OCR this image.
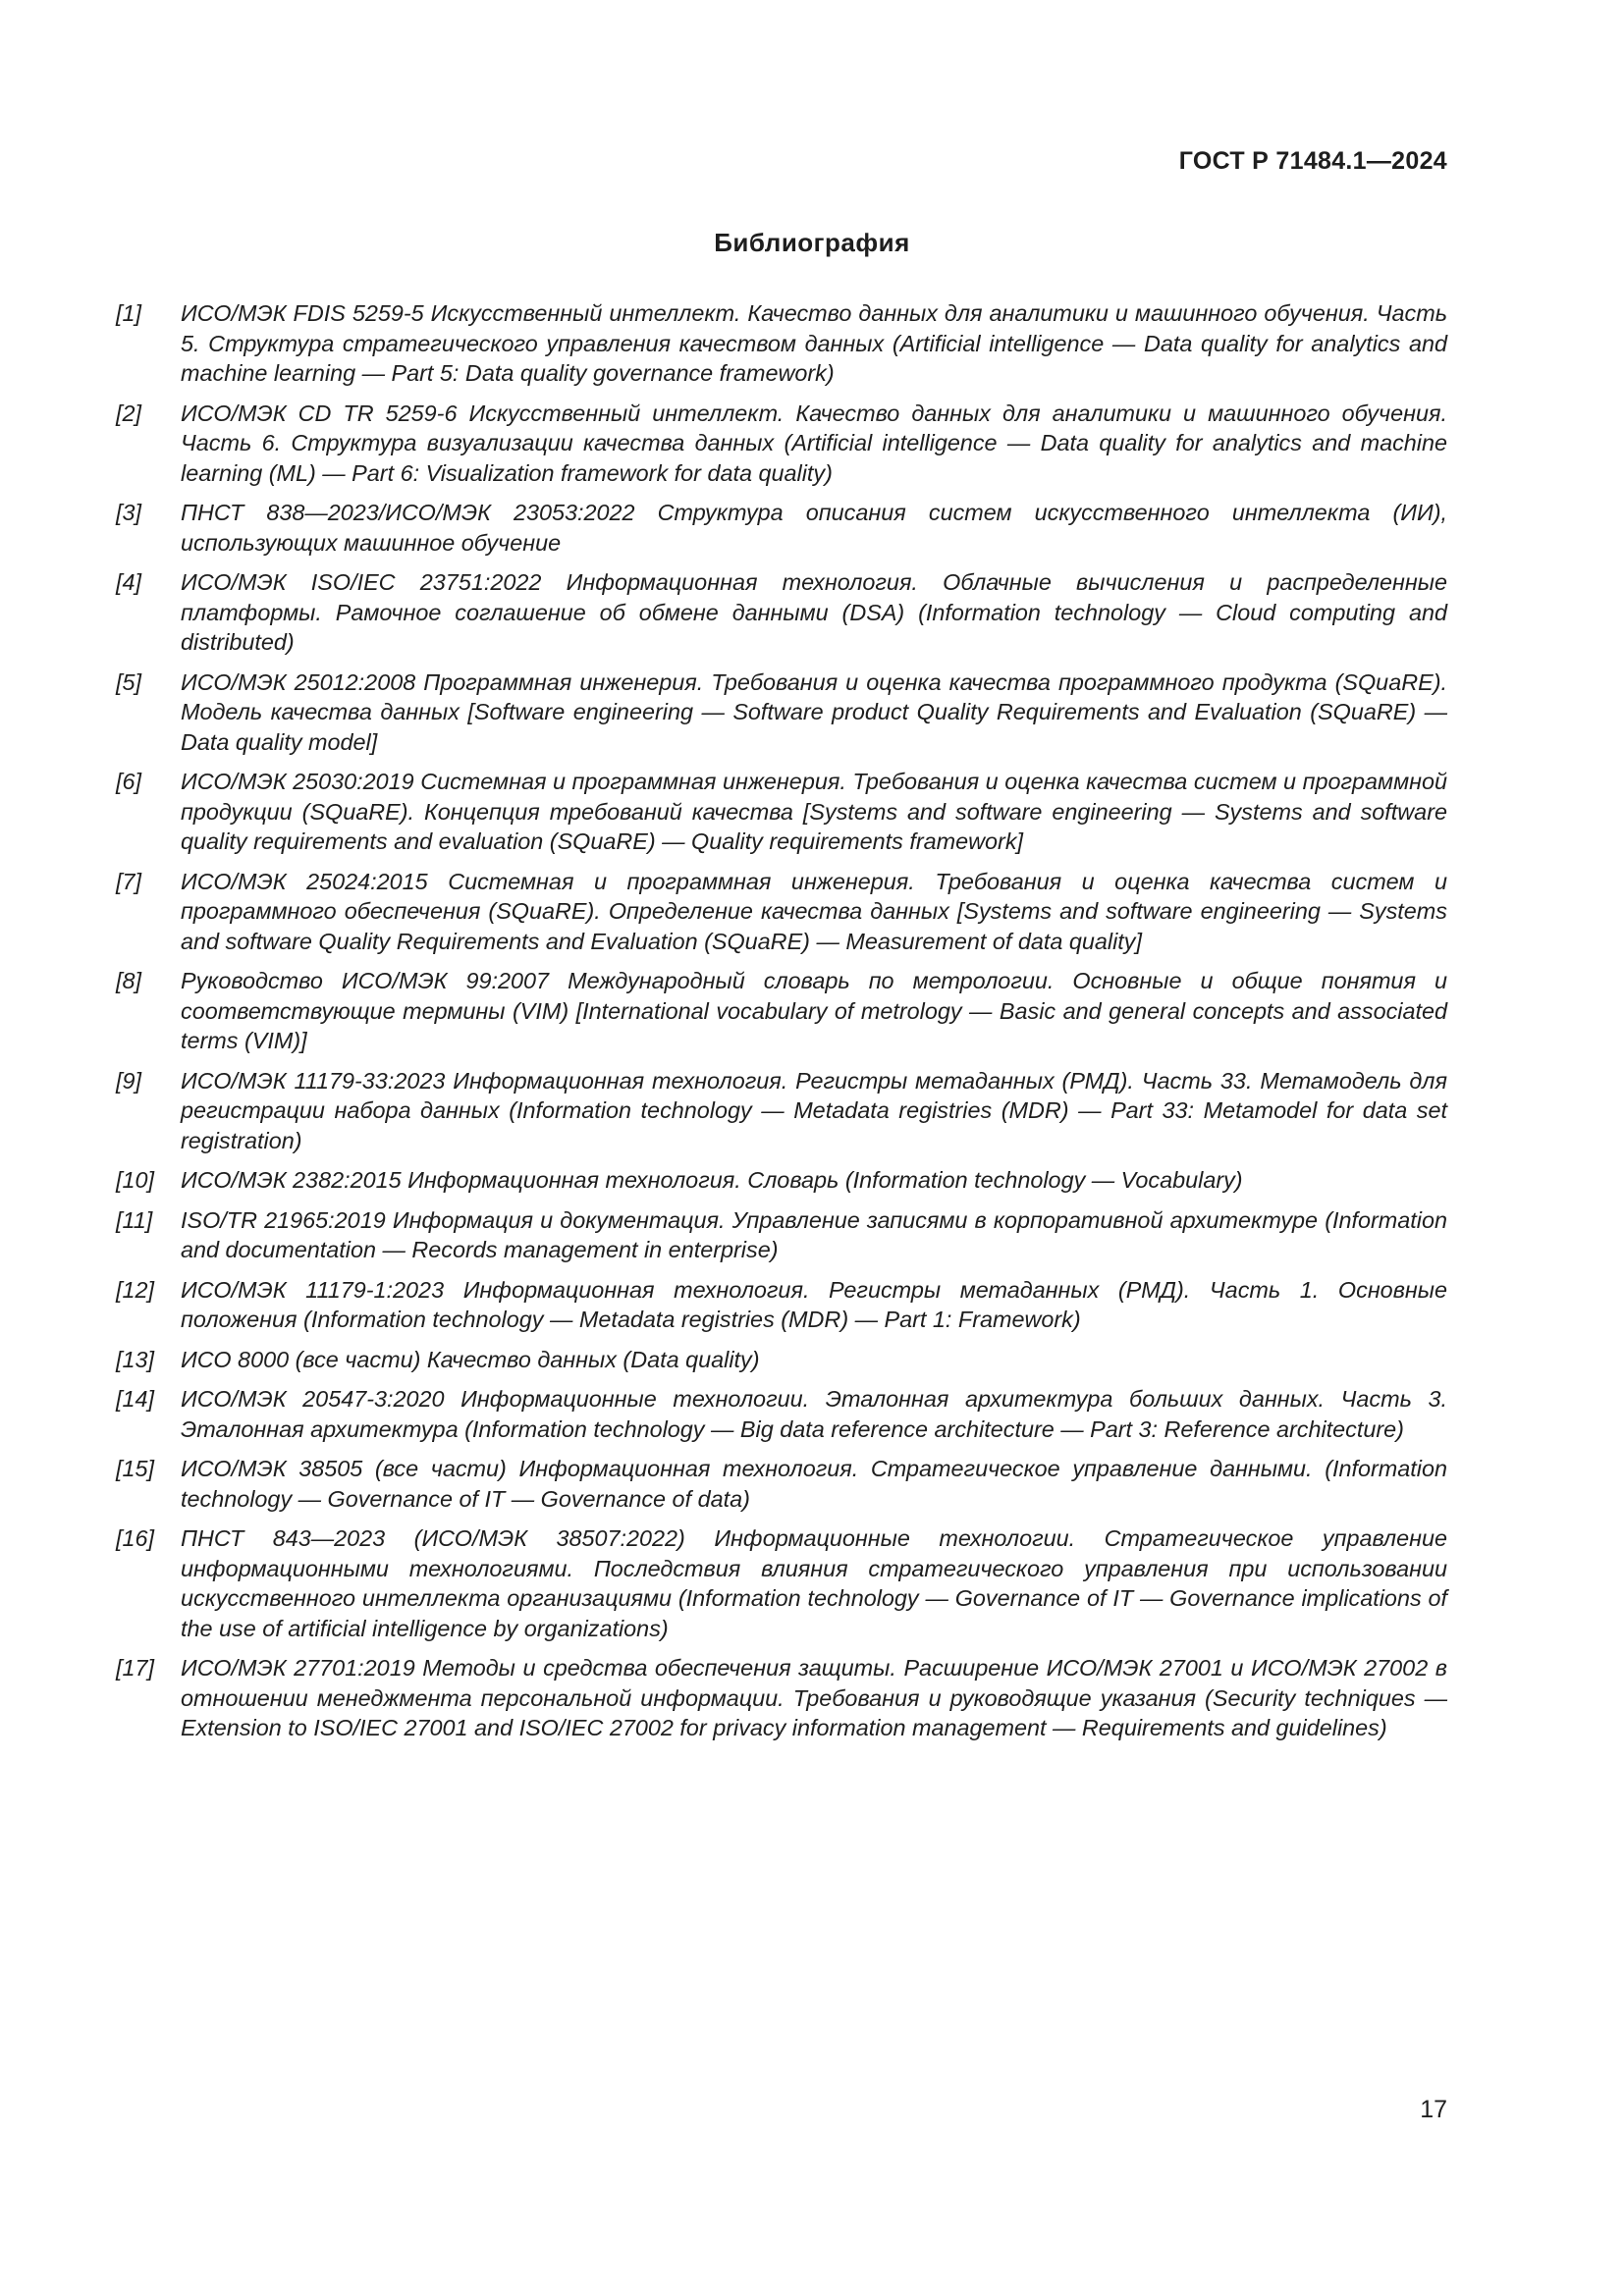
ГОСТ Р 71484.1—2024
Библиография
[1]	ИСО/МЭК FDIS 5259-5 Искусственный интеллект. Качество данных для аналитики и машинного обучения. Часть 5. Структура стратегического управления качеством данных (Artificial intelligence — Data quality for analytics and machine learning — Part 5: Data quality governance framework)
[2]	ИСО/МЭК CD TR 5259-6 Искусственный интеллект. Качество данных для аналитики и машинного обучения. Часть 6. Структура визуализации качества данных (Artificial intelligence — Data quality for analytics and machine learning (ML) — Part 6: Visualization framework for data quality)
[3]	ПНСТ 838—2023/ИСО/МЭК 23053:2022 Структура описания систем искусственного интеллекта (ИИ), использующих машинное обучение
[4]	ИСО/МЭК ISO/IEC 23751:2022 Информационная технология. Облачные вычисления и распределенные платформы. Рамочное соглашение об обмене данными (DSA) (Information technology — Cloud computing and distributed)
[5]	ИСО/МЭК 25012:2008 Программная инженерия. Требования и оценка качества программного продукта (SQuaRE). Модель качества данных [Software engineering — Software product Quality Requirements and Evaluation (SQuaRE) — Data quality model]
[6]	ИСО/МЭК 25030:2019 Системная и программная инженерия. Требования и оценка качества систем и программной продукции (SQuaRE). Концепция требований качества [Systems and software engineering — Systems and software quality requirements and evaluation (SQuaRE) — Quality requirements framework]
[7]	ИСО/МЭК 25024:2015 Системная и программная инженерия. Требования и оценка качества систем и программного обеспечения (SQuaRE). Определение качества данных [Systems and software engineering — Systems and software Quality Requirements and Evaluation (SQuaRE) — Measurement of data quality]
[8]	Руководство ИСО/МЭК 99:2007 Международный словарь по метрологии. Основные и общие понятия и соответствующие термины (VIM) [International vocabulary of metrology — Basic and general concepts and associated terms (VIM)]
[9]	ИСО/МЭК 11179-33:2023 Информационная технология. Регистры метаданных (РМД). Часть 33. Метамодель для регистрации набора данных (Information technology — Metadata registries (MDR) — Part 33: Metamodel for data set registration)
[10]	ИСО/МЭК 2382:2015 Информационная технология. Словарь (Information technology — Vocabulary)
[11]	ISO/TR 21965:2019 Информация и документация. Управление записями в корпоративной архитектуре (Information and documentation — Records management in enterprise)
[12]	ИСО/МЭК 11179-1:2023 Информационная технология. Регистры метаданных (РМД). Часть 1. Основные положения (Information technology — Metadata registries (MDR) — Part 1: Framework)
[13]	ИСО 8000 (все части) Качество данных (Data quality)
[14]	ИСО/МЭК 20547-3:2020 Информационные технологии. Эталонная архитектура больших данных. Часть 3. Эталонная архитектура (Information technology — Big data reference architecture — Part 3: Reference architecture)
[15]	ИСО/МЭК 38505 (все части) Информационная технология. Стратегическое управление данными. (Information technology — Governance of IT — Governance of data)
[16]	ПНСТ 843—2023 (ИСО/МЭК 38507:2022) Информационные технологии. Стратегическое управление информационными технологиями. Последствия влияния стратегического управления при использовании искусственного интеллекта организациями (Information technology — Governance of IT — Governance implications of the use of artificial intelligence by organizations)
[17]	ИСО/МЭК 27701:2019 Методы и средства обеспечения защиты. Расширение ИСО/МЭК 27001 и ИСО/МЭК 27002 в отношении менеджмента персональной информации. Требования и руководящие указания (Security techniques — Extension to ISO/IEC 27001 and ISO/IEC 27002 for privacy information management — Requirements and guidelines)
17
